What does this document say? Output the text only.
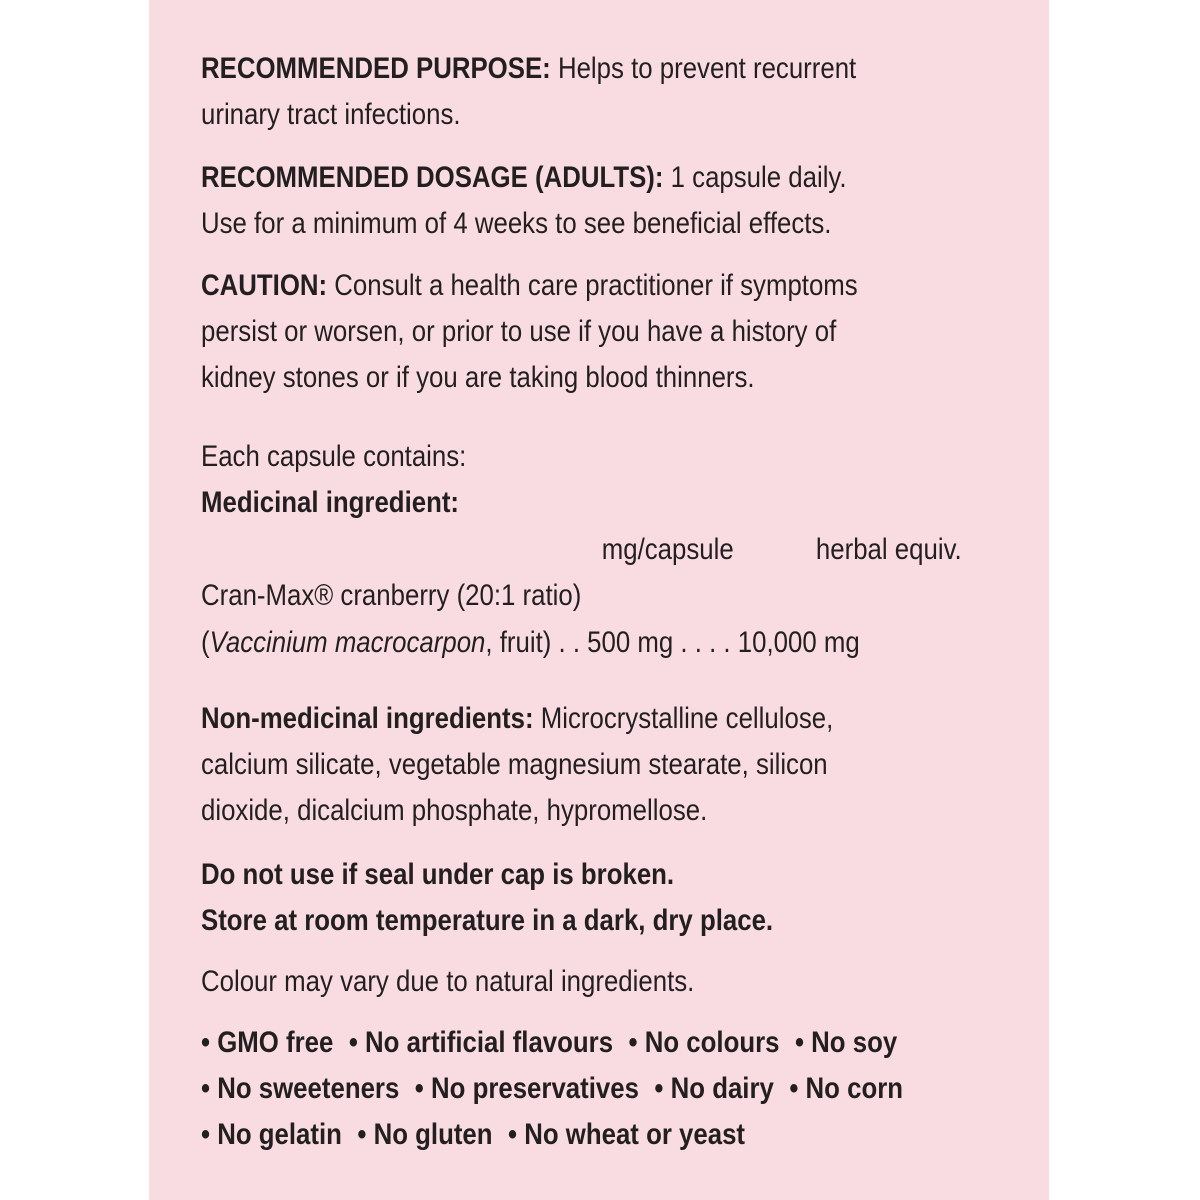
RECOMMENDED PURPOSE: Helps to prevent recurrent
urinary tract infections.
RECOMMENDED DOSAGE (ADULTS): 1 capsule daily.
Use for a minimum of 4 weeks to see beneficial effects.
CAUTION: Consult a health care practitioner if symptoms
persist or worsen, or prior to use if you have a history of
kidney stones or if you are taking blood thinners.
Each capsule contains:
Medicinal ingredient:
mg/capsule	herbal equiv.
Cran-Max® cranberry (20:1 ratio)
(Vaccinium macrocarpon, fruit) . . 500 mg . . . . 10,000 mg
Non-medicinal ingredients: Microcrystalline cellulose,
calcium silicate, vegetable magnesium stearate, silicon
dioxide, dicalcium phosphate, hypromellose.
Do not use if seal under cap is broken.
Store at room temperature in a dark, dry place.
Colour may vary due to natural ingredients.
• GMO free • No artificial flavours • No colours • No soy
• No sweeteners • No preservatives • No dairy • No corn
• No gelatin • No gluten • No wheat or yeast
